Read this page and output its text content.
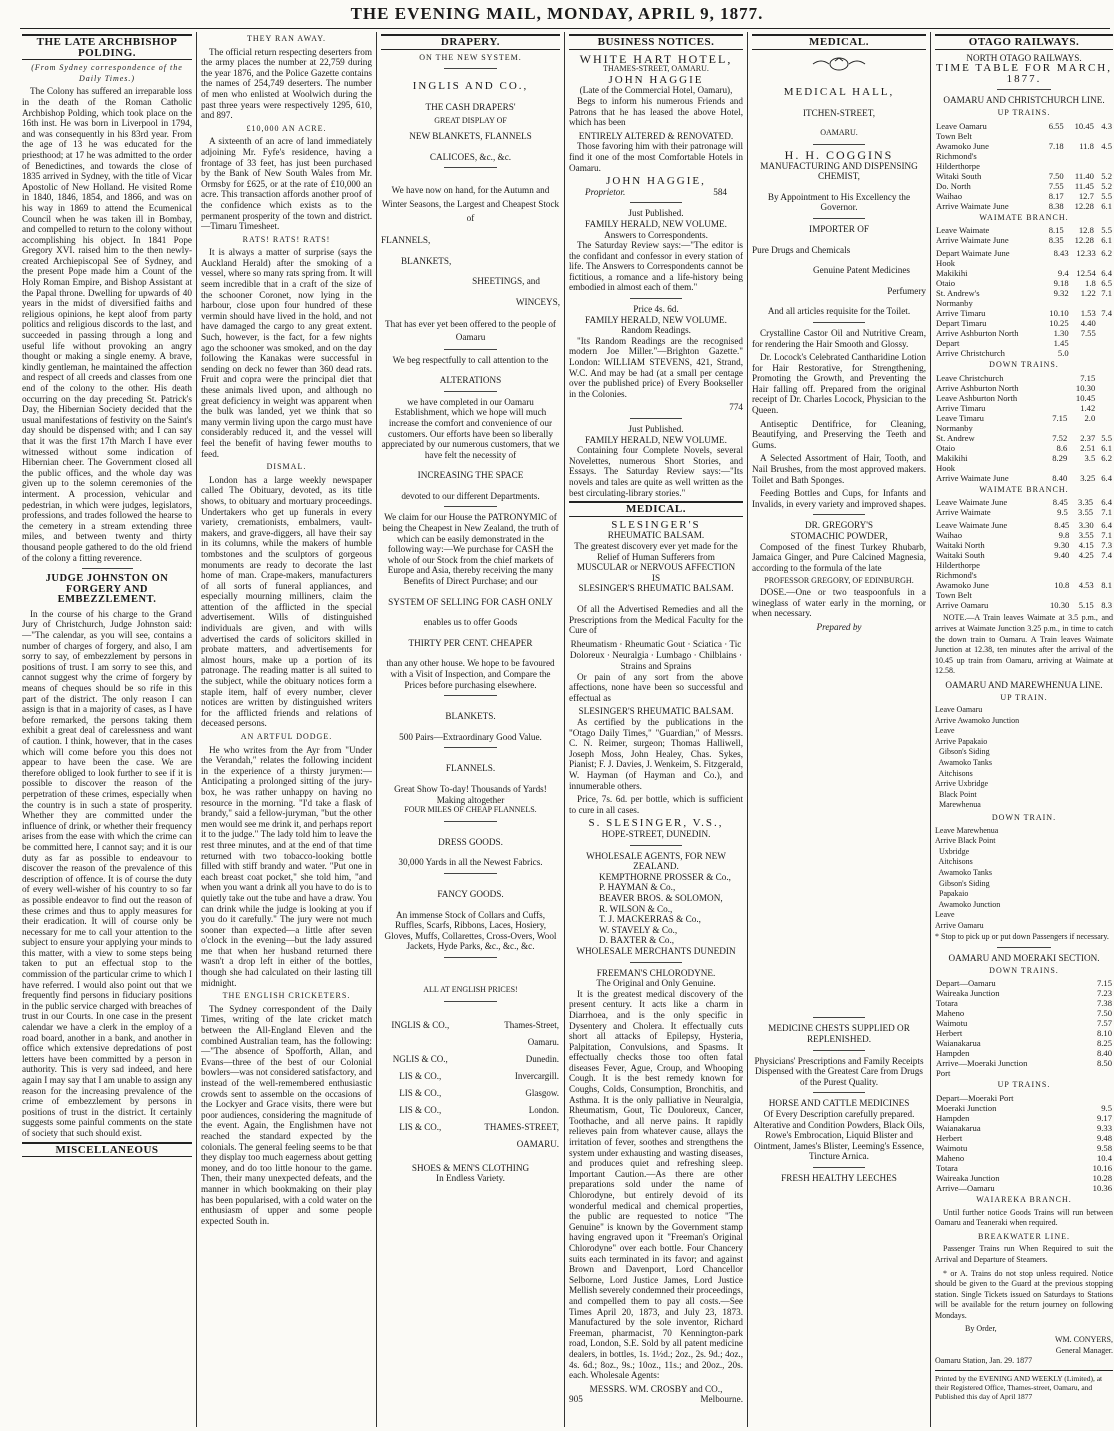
THE EVENING MAIL, MONDAY, APRIL 9, 1877.
THE LATE ARCHBISHOP POLDING.
(From Sydney correspondence of the Daily Times.)

The Colony has suffered an irreparable loss in the death of the Roman Catholic Archbishop Polding, which took place on the 16th inst. He was born in Liverpool in 1794, and was consequently in his 83rd year. From the age of 13 he was educated for the priesthood; at 17 he was admitted to the order of Benedictines, and towards the close of 1835 arrived in Sydney, with the title of Vicar Apostolic of New Holland. He visited Rome in 1840, 1846, 1854, and 1866, and was on his way in 1869 to attend the Ecumenical Council when he was taken ill in Bombay, and compelled to return to the colony without accomplishing his object. In 1841 Pope Gregory XVI. raised him to the then newly-created Archiepiscopal See of Sydney, and the present Pope made him a Count of the Holy Roman Empire, and Bishop Assistant at the Papal throne. Dwelling for upwards of 40 years in the midst of diversified faiths and religious opinions, he kept aloof from party politics and religious discords to the last, and succeeded in passing through a long and useful life without provoking an angry thought or making a single enemy. A brave, kindly gentleman, he maintained the affection and respect of all creeds and classes from one end of the colony to the other. His death occurring on the day preceding St. Patrick's Day, the Hibernian Society decided that the usual manifestations of festivity on the Saint's day should be dispensed with; and I can say that it was the first 17th March I have ever witnessed without some indication of Hibernian cheer. The Government closed all the public offices, and the whole day was given up to the solemn ceremonies of the interment. A procession, vehicular and pedestrian, in which were judges, legislators, professions, and trades followed the hearse to the cemetery in a stream extending three miles, and between twenty and thirty thousand people gathered to do the old friend of the colony a fitting reverence.

JUDGE JOHNSTON ON FORGERY AND EMBEZZLEMENT.

In the course of his charge to the Grand Jury of Christchurch, Judge Johnston said:—"The calendar, as you will see, contains a number of charges of forgery, and also, I am sorry to say, of embezzlement by persons in positions of trust. I am sorry to see this, and cannot suggest why the crime of forgery by means of cheques should be so rife in this part of the district. The only reason I can assign is that in a majority of cases, as I have before remarked, the persons taking them exhibit a great deal of carelessness and want of caution. I think, however, that in the cases which will come before you this does not appear to have been the case. We are therefore obliged to look further to see if it is possible to discover the reason of the perpetration of these crimes, especially when the country is in such a state of prosperity. Whether they are committed under the influence of drink, or whether their frequency arises from the ease with which the crime can be committed here, I cannot say; and it is our duty as far as possible to endeavour to discover the reason of the prevalence of this description of offence. It is of course the duty of every well-wisher of his country to so far as possible endeavor to find out the reason of these crimes and thus to apply measures for their eradication. It will of course only be necessary for me to call your attention to the subject to ensure your applying your minds to this matter, with a view to some steps being taken to put an effectual stop to the commission of the particular crime to which I have referred. I would also point out that we frequently find persons in fiduciary positions in the public service charged with breaches of trust in our Courts. In one case in the present calendar we have a clerk in the employ of a road board, another in a bank, and another in office which extensive depredations of post letters have been committed by a person in authority. This is very sad indeed, and here again I may say that I am unable to assign any reason for the increasing prevalence of the crime of embezzlement by persons in positions of trust in the district. It certainly suggests some painful comments on the state of society that such should exist.

MISCELLANEOUS
THEY RAN AWAY.

The official return respecting deserters from the army places the number at 22,759 during the year 1876, and the Police Gazette contains the names of 254,749 deserters. The number of men who enlisted at Woolwich during the past three years were respectively 1295, 610, and 897.

£10,000 AN ACRE.

A sixteenth of an acre of land immediately adjoining Mr. Fyfe's residence, having a frontage of 33 feet, has just been purchased by the Bank of New South Wales from Mr. Ormsby for £625, or at the rate of £10,000 an acre. This transaction affords another proof of the confidence which exists as to the permanent prosperity of the town and district.—Timaru Timesheet.

RATS! RATS! RATS!

It is always a matter of surprise (says the Auckland Herald) after the smoking of a vessel, where so many rats spring from. It will seem incredible that in a craft of the size of the schooner Coronet, now lying in the harbour, close upon four hundred of these vermin should have lived in the hold, and not have damaged the cargo to any great extent. Such, however, is the fact, for a few nights ago the schooner was smoked, and on the day following the Kanakas were successful in sending on deck no fewer than 360 dead rats. Fruit and copra were the principal diet that these animals lived upon, and although no great deficiency in weight was apparent when the bulk was landed, yet we think that so many vermin living upon the cargo must have considerably reduced it, and the vessel will feel the benefit of having fewer mouths to feed.

DISMAL.

London has a large weekly newspaper called The Obituary, devoted, as its title shows, to obituary and mortuary proceedings. Undertakers who get up funerals in every variety, cremationists, embalmers, vault-makers, and grave-diggers, all have their say in its columns, while the makers of humble tombstones and the sculptors of gorgeous monuments are ready to decorate the last home of man. Crape-makers, manufacturers of all sorts of funeral appliances, and especially mourning milliners, claim the attention of the afflicted in the special advertisement. Wills of distinguished individuals are given, and with wills advertised the cards of solicitors skilled in probate matters, and advertisements for almost hours, make up a portion of its patronage. The reading matter is all suited to the subject, while the obituary notices form a staple item, half of every number, clever notices are written by distinguished writers for the afflicted friends and relations of deceased persons.

AN ARTFUL DODGE.

He who writes from the Ayr from "Under the Verandah," relates the following incident in the experience of a thirsty jurymen:—Anticipating a prolonged sitting of the jury-box, he was rather unhappy on having no resource in the morning. "I'd take a flask of brandy," said a fellow-juryman, "but the other men would see me drink it, and perhaps report it to the judge." The lady told him to leave the rest three minutes, and at the end of that time returned with two tobacco-looking bottle filled with stiff brandy and water. "Put one in each breast coat pocket," she told him, "and when you want a drink all you have to do is to quietly take out the tube and have a draw. You can drink while the judge is looking at you if you do it carefully." The jury were not much sooner than expected—a little after seven o'clock in the evening—but the lady assured me that when her husband returned there wasn't a drop left in either of the bottles, though she had calculated on their lasting till midnight.

THE ENGLISH CRICKETERS.

The Sydney correspondent of the Daily Times, writing of the late cricket match between the All-England Eleven and the combined Australian team, has the following:—"The absence of Spofforth, Allan, and Evans—three of the best of our Colonial bowlers—was not considered satisfactory, and instead of the well-remembered enthusiastic crowds sent to assemble on the occasions of the Lockyer and Grace visits, there were but poor audiences, considering the magnitude of the event. Again, the Englishmen have not reached the standard expected by the colonials. The general feeling seems to be that they display too much eagerness about getting money, and do too little honour to the game. Then, their many unexpected defeats, and the manner in which bookmaking on their play has been popularised, with a cold water on the enthusiasm of upper and some people expected South in.

DRAPERY.
ON THE NEW SYSTEM.
INGLIS AND CO.,
THE CASH DRAPERS'
GREAT DISPLAY OF
NEW BLANKETS, FLANNELS
CALICOES, &c., &c.
We have now on hand, for the Autumn and Winter Seasons, the Largest and Cheapest Stock of
FLANNELS,
BLANKETS,
SHEETINGS, and
WINCEYS,
That has ever yet been offered to the people of Oamaru
We beg respectfully to call attention to the
ALTERATIONS
we have completed in our Oamaru Establishment, which we hope will much increase the comfort and convenience of our customers. Our efforts have been so liberally appreciated by our numerous customers, that we have felt the necessity of
INCREASING THE SPACE
devoted to our different Departments.
We claim for our House the PATRONYMIC of being the Cheapest in New Zealand, the truth of which can be easily demonstrated in the following way:—We purchase for CASH the whole of our Stock from the chief markets of Europe and Asia, thereby receiving the many Benefits of Direct Purchase; and our
SYSTEM OF SELLING FOR CASH ONLY
enables us to offer Goods
THIRTY PER CENT. CHEAPER
than any other house. We hope to be favoured with a Visit of Inspection, and Compare the Prices before purchasing elsewhere.
BLANKETS.
500 Pairs—Extraordinary Good Value.
FLANNELS.
Great Show To-day! Thousands of Yards!
Making altogether
FOUR MILES OF CHEAP FLANNELS.
DRESS GOODS.
30,000 Yards in all the Newest Fabrics.
FANCY GOODS.
An immense Stock of Collars and Cuffs, Ruffles, Scarfs, Ribbons, Laces, Hosiery, Gloves, Muffs, Collarettes, Cross-Overs, Wool Jackets, Hyde Parks, &c., &c., &c.
ALL AT ENGLISH PRICES!
INGLIS & CO.,	Thames-Street,
	Oamaru.
NGLIS & CO.,	Dunedin.
LIS & CO.,	Invercargill.
LIS & CO.,	Glasgow.
LIS & CO.,	London.
LIS & CO.,	THAMES-STREET,
	OAMARU.
SHOES & MEN'S CLOTHING
In Endless Variety.
BUSINESS NOTICES.
WHITE HART HOTEL,
THAMES-STREET, OAMARU.
JOHN HAGGIE
(Late of the Commercial Hotel, Oamaru),

Begs to inform his numerous Friends and Patrons that he has leased the above Hotel, which has been

ENTIRELY ALTERED & RENOVATED.

Those favoring him with their patronage will find it one of the most Comfortable Hotels in Oamaru.

JOHN HAGGIE,
Proprietor.	584
Just Published.
FAMILY HERALD, NEW VOLUME.
Answers to Correspondents.

The Saturday Review says:—"The editor is the confidant and confessor in every station of life. The Answers to Correspondents cannot be fictitious, a romance and a life-history being embodied in almost each of them."

Price 4s. 6d.
FAMILY HERALD, NEW VOLUME.
Random Readings.

"Its Random Readings are the recognised modern Joe Miller."—Brighton Gazette." London: WILLIAM STEVENS, 421, Strand, W.C. And may be had (at a small per centage over the published price) of Every Bookseller in the Colonies.

774
Just Published.
FAMILY HERALD, NEW VOLUME.

Containing four Complete Novels, several Novelettes, numerous Short Stories, and Essays. The Saturday Review says:—"Its novels and tales are quite as well written as the best circulating-library stories."

MEDICAL.
SLESINGER'S
RHEUMATIC BALSAM.
The greatest discovery ever yet made for the Relief of Human Sufferers from
MUSCULAR or NERVOUS AFFECTION
IS
SLESINGER'S RHEUMATIC BALSAM.

Of all the Advertised Remedies and all the Prescriptions from the Medical Faculty for the Cure of

Rheumatism · Rheumatic Gout · Sciatica · Tic Doloreux · Neuralgia · Lumbago · Chilblains · Strains and Sprains

Or pain of any sort from the above affections, none have been so successful and effectual as

SLESINGER'S RHEUMATIC BALSAM.

As certified by the publications in the "Otago Daily Times," "Guardian," of Messrs. C. N. Reimer, surgeon; Thomas Halliwell, Joseph Moss, John Healey, Chas. Sykes, Pianist; F. J. Davies, J. Wenkeim, S. Fitzgerald, W. Hayman (of Hayman and Co.), and innumerable others.

Price, 7s. 6d. per bottle, which is sufficient to cure in all cases.

S. SLESINGER, V.S.,
HOPE-STREET, DUNEDIN.
WHOLESALE AGENTS, FOR NEW ZEALAND.
KEMPTHORNE PROSSER & Co.,
P. HAYMAN & Co.,
BEAVER BROS. & SOLOMON,
R. WILSON & Co.,
T. J. MACKERRAS & Co.,
W. STAVELY & Co.,
D. BAXTER & Co.,
WHOLESALE MERCHANTS DUNEDIN
FREEMAN'S CHLORODYNE.
The Original and Only Genuine.

It is the greatest medical discovery of the present century. It acts like a charm in Diarrhoea, and is the only specific in Dysentery and Cholera. It effectually cuts short all attacks of Epilepsy, Hysteria, Palpitation, Convulsions, and Spasms. It effectually checks those too often fatal diseases Fever, Ague, Croup, and Whooping Cough. It is the best remedy known for Coughs, Colds, Consumption, Bronchitis, and Asthma. It is the only palliative in Neuralgia, Rheumatism, Gout, Tic Douloreux, Cancer, Toothache, and all nerve pains. It rapidly relieves pain from whatever cause, allays the irritation of fever, soothes and strengthens the system under exhausting and wasting diseases, and produces quiet and refreshing sleep. Important Caution.—As there are other preparations sold under the name of Chlorodyne, but entirely devoid of its wonderful medical and chemical properties, the public are requested to notice "The Genuine" is known by the Government stamp having engraved upon it "Freeman's Original Chlorodyne" over each bottle. Four Chancery suits each terminated in its favor; and against Brown and Davenport, Lord Chancellor Selborne, Lord Justice James, Lord Justice Mellish severely condemned their proceedings, and compelled them to pay all costs.—See Times April 20, 1873, and July 23, 1873. Manufactured by the sole inventor, Richard Freeman, pharmacist, 70 Kennington-park road, London, S.E. Sold by all patent medicine dealers, in bottles, 1s. 1½d.; 2oz., 2s. 9d.; 4oz., 4s. 6d.; 8oz., 9s.; 10oz., 11s.; and 20oz., 20s. each. Wholesale Agents:

MESSRS. WM. CROSBY and CO.,
905	Melbourne.
MEDICAL.
MEDICAL HALL,
ITCHEN-STREET,
OAMARU.
H. H. COGGINS
MANUFACTURING AND DISPENSING CHEMIST,
By Appointment to His Excellency the Governor.
IMPORTER OF
Pure Drugs and Chemicals
Genuine Patent Medicines
Perfumery
And all articles requisite for the Toilet.

Crystalline Castor Oil and Nutritive Cream, for rendering the Hair Smooth and Glossy.

Dr. Locock's Celebrated Cantharidine Lotion for Hair Restorative, for Strengthening, Promoting the Growth, and Preventing the Hair falling off. Prepared from the original receipt of Dr. Charles Locock, Physician to the Queen.

Antiseptic Dentifrice, for Cleaning, Beautifying, and Preserving the Teeth and Gums.

A Selected Assortment of Hair, Tooth, and Nail Brushes, from the most approved makers. Toilet and Bath Sponges.

Feeding Bottles and Cups, for Infants and Invalids, in every variety and improved shapes.

DR. GREGORY'S
STOMACHIC POWDER,

Composed of the finest Turkey Rhubarb, Jamaica Ginger, and Pure Calcined Magnesia, according to the formula of the late

PROFESSOR GREGORY, OF EDINBURGH.

DOSE.—One or two teaspoonfuls in a wineglass of water early in the morning, or when necessary.

Prepared by
MEDICINE CHESTS SUPPLIED OR REPLENISHED.
Physicians' Prescriptions and Family Receipts Dispensed with the Greatest Care from Drugs of the Purest Quality.
HORSE AND CATTLE MEDICINES
Of Every Description carefully prepared. Alterative and Condition Powders, Black Oils, Rowe's Embrocation, Liquid Blister and Ointment, James's Blister, Leeming's Essence, Tincture Arnica.
FRESH HEALTHY LEECHES
OTAGO RAILWAYS.
NORTH OTAGO RAILWAYS.
TIME TABLE FOR MARCH, 1877.
OAMARU AND CHRISTCHURCH LINE.
UP TRAINS.
Leave Oamaru	6.55	10.45	4.3
Town Belt			
Awamoko June	7.18	11.8	4.5
Richmond's			
Hilderthorpe			
Witaki South	7.50	11.40	5.2
Do. North	7.55	11.45	5.2
Waihao	8.17	12.7	5.5
Arrive Waimate June	8.38	12.28	6.1
WAIMATE BRANCH.
Leave Waimate	8.15	12.8	5.5
Arrive Waimate June	8.35	12.28	6.1
Depart Waimate June	8.43	12.33	6.2
Hook			
Makikihi	9.4	12.54	6.4
Otaio	9.18	1.8	6.5
St. Andrew's	9.32	1.22	7.1
Normanby			
Arrive Timaru	10.10	1.53	7.4
Depart Timaru	10.25	4.40	
Arrive Ashburton North	1.30	7.55	
Depart	1.45		
Arrive Christchurch	5.0		
DOWN TRAINS.
Leave Christchurch		7.15	
Arrive Ashburton North		10.30	
Leave Ashburton North		10.45	
Arrive Timaru		1.42	
Leave Timaru	7.15	2.0	
Normanby			
St. Andrew	7.52	2.37	5.5
Otaio	8.6	2.51	6.1
Makikihi	8.29	3.5	6.2
Hook			
Arrive Waimate June	8.40	3.25	6.4
WAIMATE BRANCH.
Leave Waimate June	8.45	3.35	6.4
Arrive Waimate	9.5	3.55	7.1
Leave Waimate June	8.45	3.30	6.4
Waihao	9.8	3.55	7.1
Waitaki North	9.30	4.15	7.3
Waitaki South	9.40	4.25	7.4
Hilderthorpe			
Richmond's			
Awamoko June	10.8	4.53	8.1
Town Belt			
Arrive Oamaru	10.30	5.15	8.3

NOTE.—A Train leaves Waimate at 3.5 p.m., and arrives at Waimate Junction 3.25 p.m., in time to catch the down train to Oamaru. A Train leaves Waimate Junction at 12.38, ten minutes after the arrival of the 10.45 up train from Oamaru, arriving at Waimate at 12.58.

OAMARU AND MAREWHENUA LINE.
UP TRAIN.
Leave Oamaru
Arrive Awamoko Junction
Leave
Arrive Papakaio
Gibson's Siding
Awamoko Tanks
Aitchisons
Arrive Uxbridge
Black Point
Marewhenua
DOWN TRAIN.
Leave Marewhenua
Arrive Black Point
Uxbridge
Aitchisons
Awamoko Tanks
Gibson's Siding
Papakaio
Awamoko Junction
Leave
Arrive Oamaru
* Stop to pick up or put down Passengers if necessary.
OAMARU AND MOERAKI SECTION.
DOWN TRAINS.
Depart—Oamaru	7.15
Waireaka Junction	7.23
Totara	7.38
Maheno	7.50
Waimotu	7.57
Herbert	8.10
Waianakarua	8.25
Hampden	8.40
Arrive—Moeraki Junction	8.50
Port	
UP TRAINS.
Depart—Moeraki Port	
Moeraki Junction	9.5
Hampden	9.17
Waianakarua	9.33
Herbert	9.48
Waimotu	9.58
Maheno	10.4
Totara	10.16
Waireaka Junction	10.28
Arrive—Oamaru	10.36
WAIAREKA BRANCH.

Until further notice Goods Trains will run between Oamaru and Teaneraki when required.

BREAKWATER LINE.

Passenger Trains run When Required to suit the Arrival and Departure of Steamers.

* or A. Trains do not stop unless required. Notice should be given to the Guard at the previous stopping station. Single Tickets issued on Saturdays to Stations will be available for the return journey on following Mondays.

By Order,
WM. CONYERS,
General Manager.
Oamaru Station, Jan. 29. 1877
Printed by the EVENING AND WEEKLY (Limited), at their Registered Office, Thames-street, Oamaru, and Published this day of April 1877
